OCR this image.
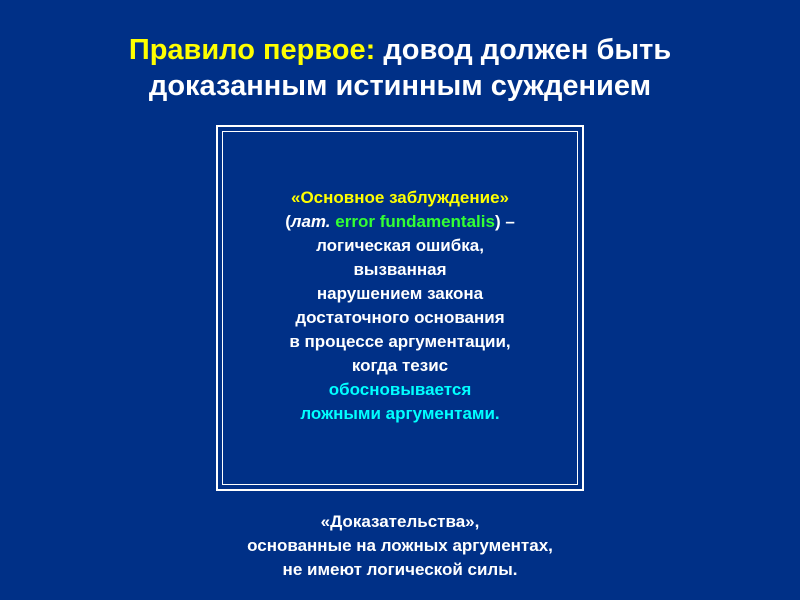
Правило первое: довод должен быть
доказанным истинным суждением
«Основное заблуждение»
(лат. error fundamentalis) –
логическая ошибка,
вызванная
нарушением закона
достаточного основания
в процессе аргументации,
когда тезис
обосновывается
ложными аргументами.
«Доказательства»,
основанные на ложных аргументах,
не имеют логической силы.
